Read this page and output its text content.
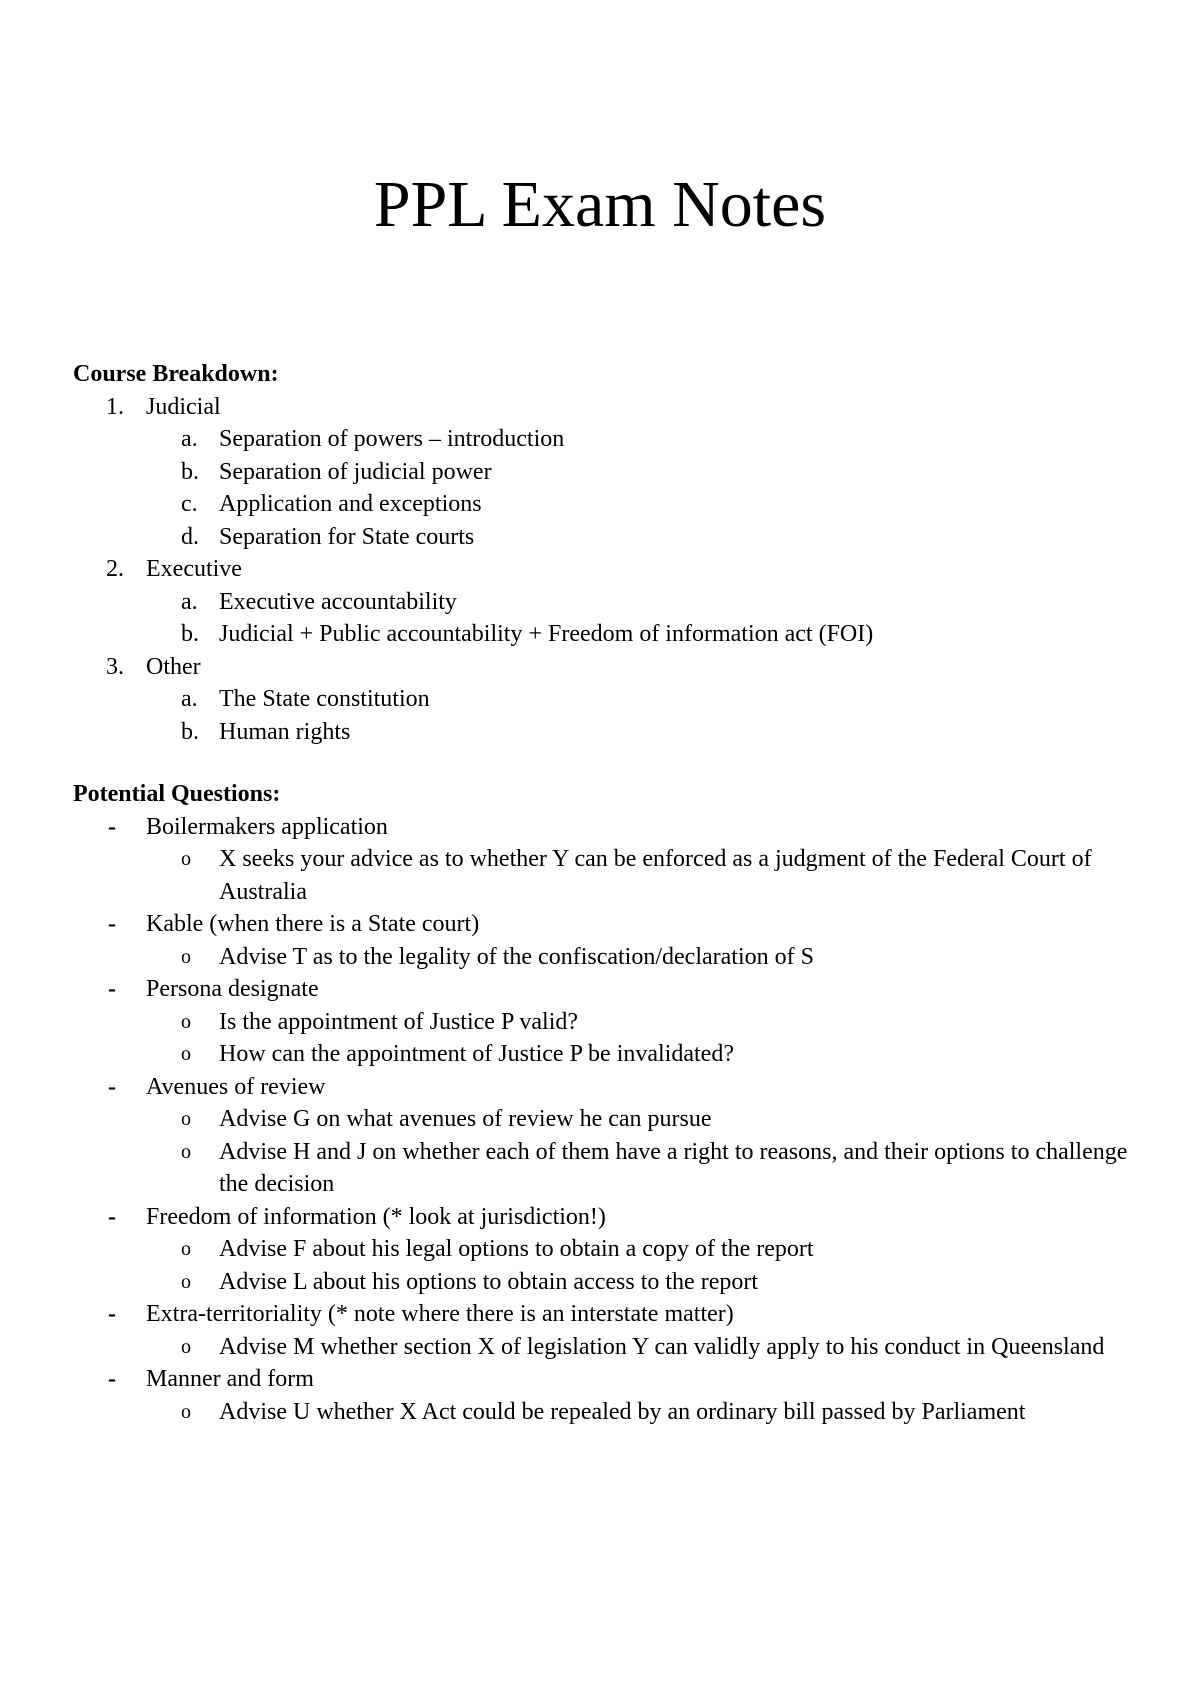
PPL Exam Notes

Course Breakdown:

1. Judicial
a. Separation of powers – introduction
b. Separation of judicial power
c. Application and exceptions
d. Separation for State courts
2. Executive
a. Executive accountability
b. Judicial + Public accountability + Freedom of information act (FOI)
3. Other
a. The State constitution
b. Human rights

Potential Questions:

- Boilermakers application
o X seeks your advice as to whether Y can be enforced as a judgment of the Federal Court of Australia
- Kable (when there is a State court)
o Advise T as to the legality of the confiscation/declaration of S
- Persona designate
o Is the appointment of Justice P valid?
o How can the appointment of Justice P be invalidated?
- Avenues of review
o Advise G on what avenues of review he can pursue
o Advise H and J on whether each of them have a right to reasons, and their options to challenge the decision
- Freedom of information (* look at jurisdiction!)
o Advise F about his legal options to obtain a copy of the report
o Advise L about his options to obtain access to the report
- Extra-territoriality (* note where there is an interstate matter)
o Advise M whether section X of legislation Y can validly apply to his conduct in Queensland
- Manner and form
o Advise U whether X Act could be repealed by an ordinary bill passed by Parliament
